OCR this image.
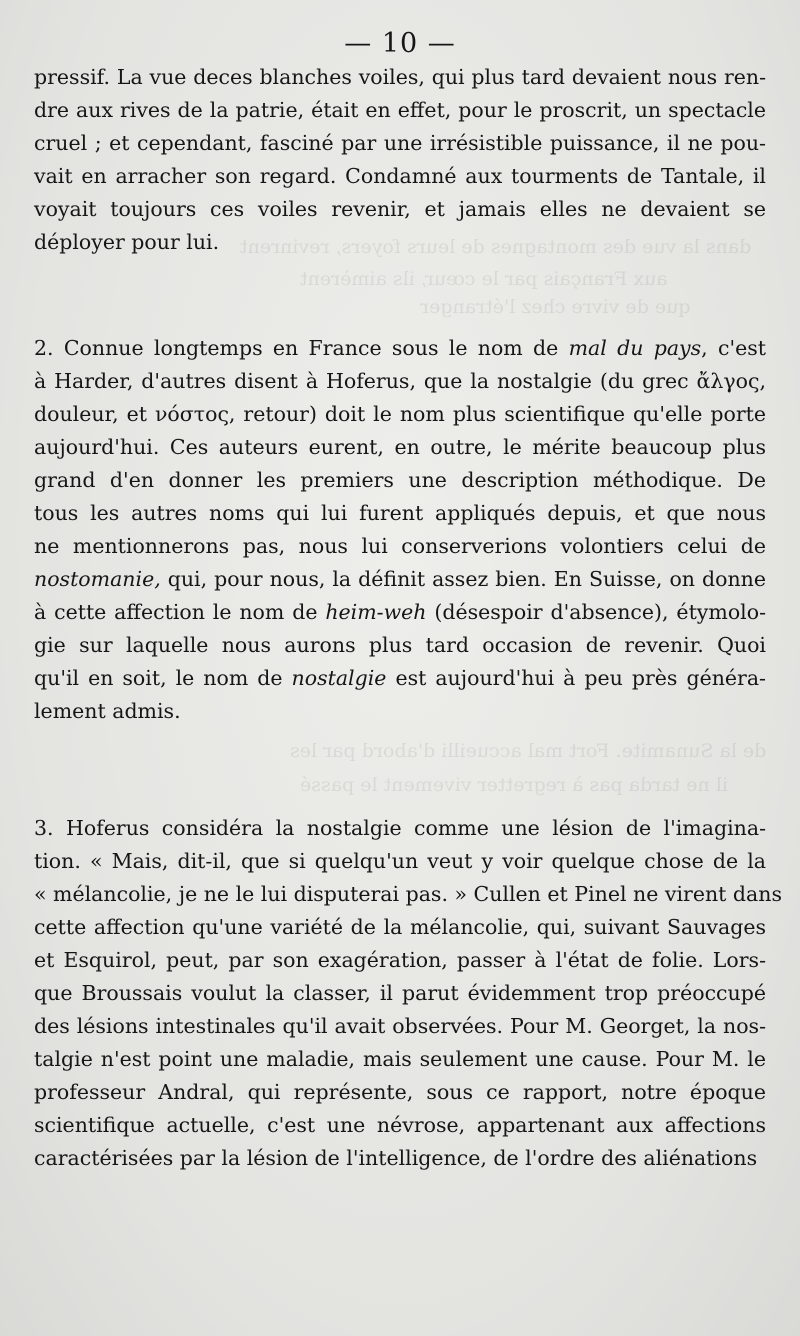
dans la vue des montagnes de leurs foyers, revinrent
aux Français par le cœur, ils aimèrent
que de vivre chez l'étranger
de la Sunamite. Fort mal accueilli d'abord par les
il ne tarda pas à regretter vivement le passé
— 10 —
pressif. La vue deces blanches voiles, qui plus tard devaient nous ren-
dre aux rives de la patrie, était en effet, pour le proscrit, un spectacle
cruel ; et cependant, fasciné par une irrésistible puissance, il ne pou-
vait en arracher son regard. Condamné aux tourments de Tantale, il
voyait toujours ces voiles revenir, et jamais elles ne devaient se
déployer pour lui.
2. Connue longtemps en France sous le nom de mal du pays, c'est
à Harder, d'autres disent à Hoferus, que la nostalgie (du grec ἄλγος,
douleur, et νόστος, retour) doit le nom plus scientifique qu'elle porte
aujourd'hui. Ces auteurs eurent, en outre, le mérite beaucoup plus
grand d'en donner les premiers une description méthodique. De
tous les autres noms qui lui furent appliqués depuis, et que nous
ne mentionnerons pas, nous lui conserverions volontiers celui de
nostomanie, qui, pour nous, la définit assez bien. En Suisse, on donne
à cette affection le nom de heim-weh (désespoir d'absence), étymolo-
gie sur laquelle nous aurons plus tard occasion de revenir. Quoi
qu'il en soit, le nom de nostalgie est aujourd'hui à peu près généra-
lement admis.
3. Hoferus considéra la nostalgie comme une lésion de l'imagina-
tion. « Mais, dit-il, que si quelqu'un veut y voir quelque chose de la
« mélancolie, je ne le lui disputerai pas. » Cullen et Pinel ne virent dans
cette affection qu'une variété de la mélancolie, qui, suivant Sauvages
et Esquirol, peut, par son exagération, passer à l'état de folie. Lors-
que Broussais voulut la classer, il parut évidemment trop préoccupé
des lésions intestinales qu'il avait observées. Pour M. Georget, la nos-
talgie n'est point une maladie, mais seulement une cause. Pour M. le
professeur Andral, qui représente, sous ce rapport, notre époque
scientifique actuelle, c'est une névrose, appartenant aux affections
caractérisées par la lésion de l'intelligence, de l'ordre des aliénations
